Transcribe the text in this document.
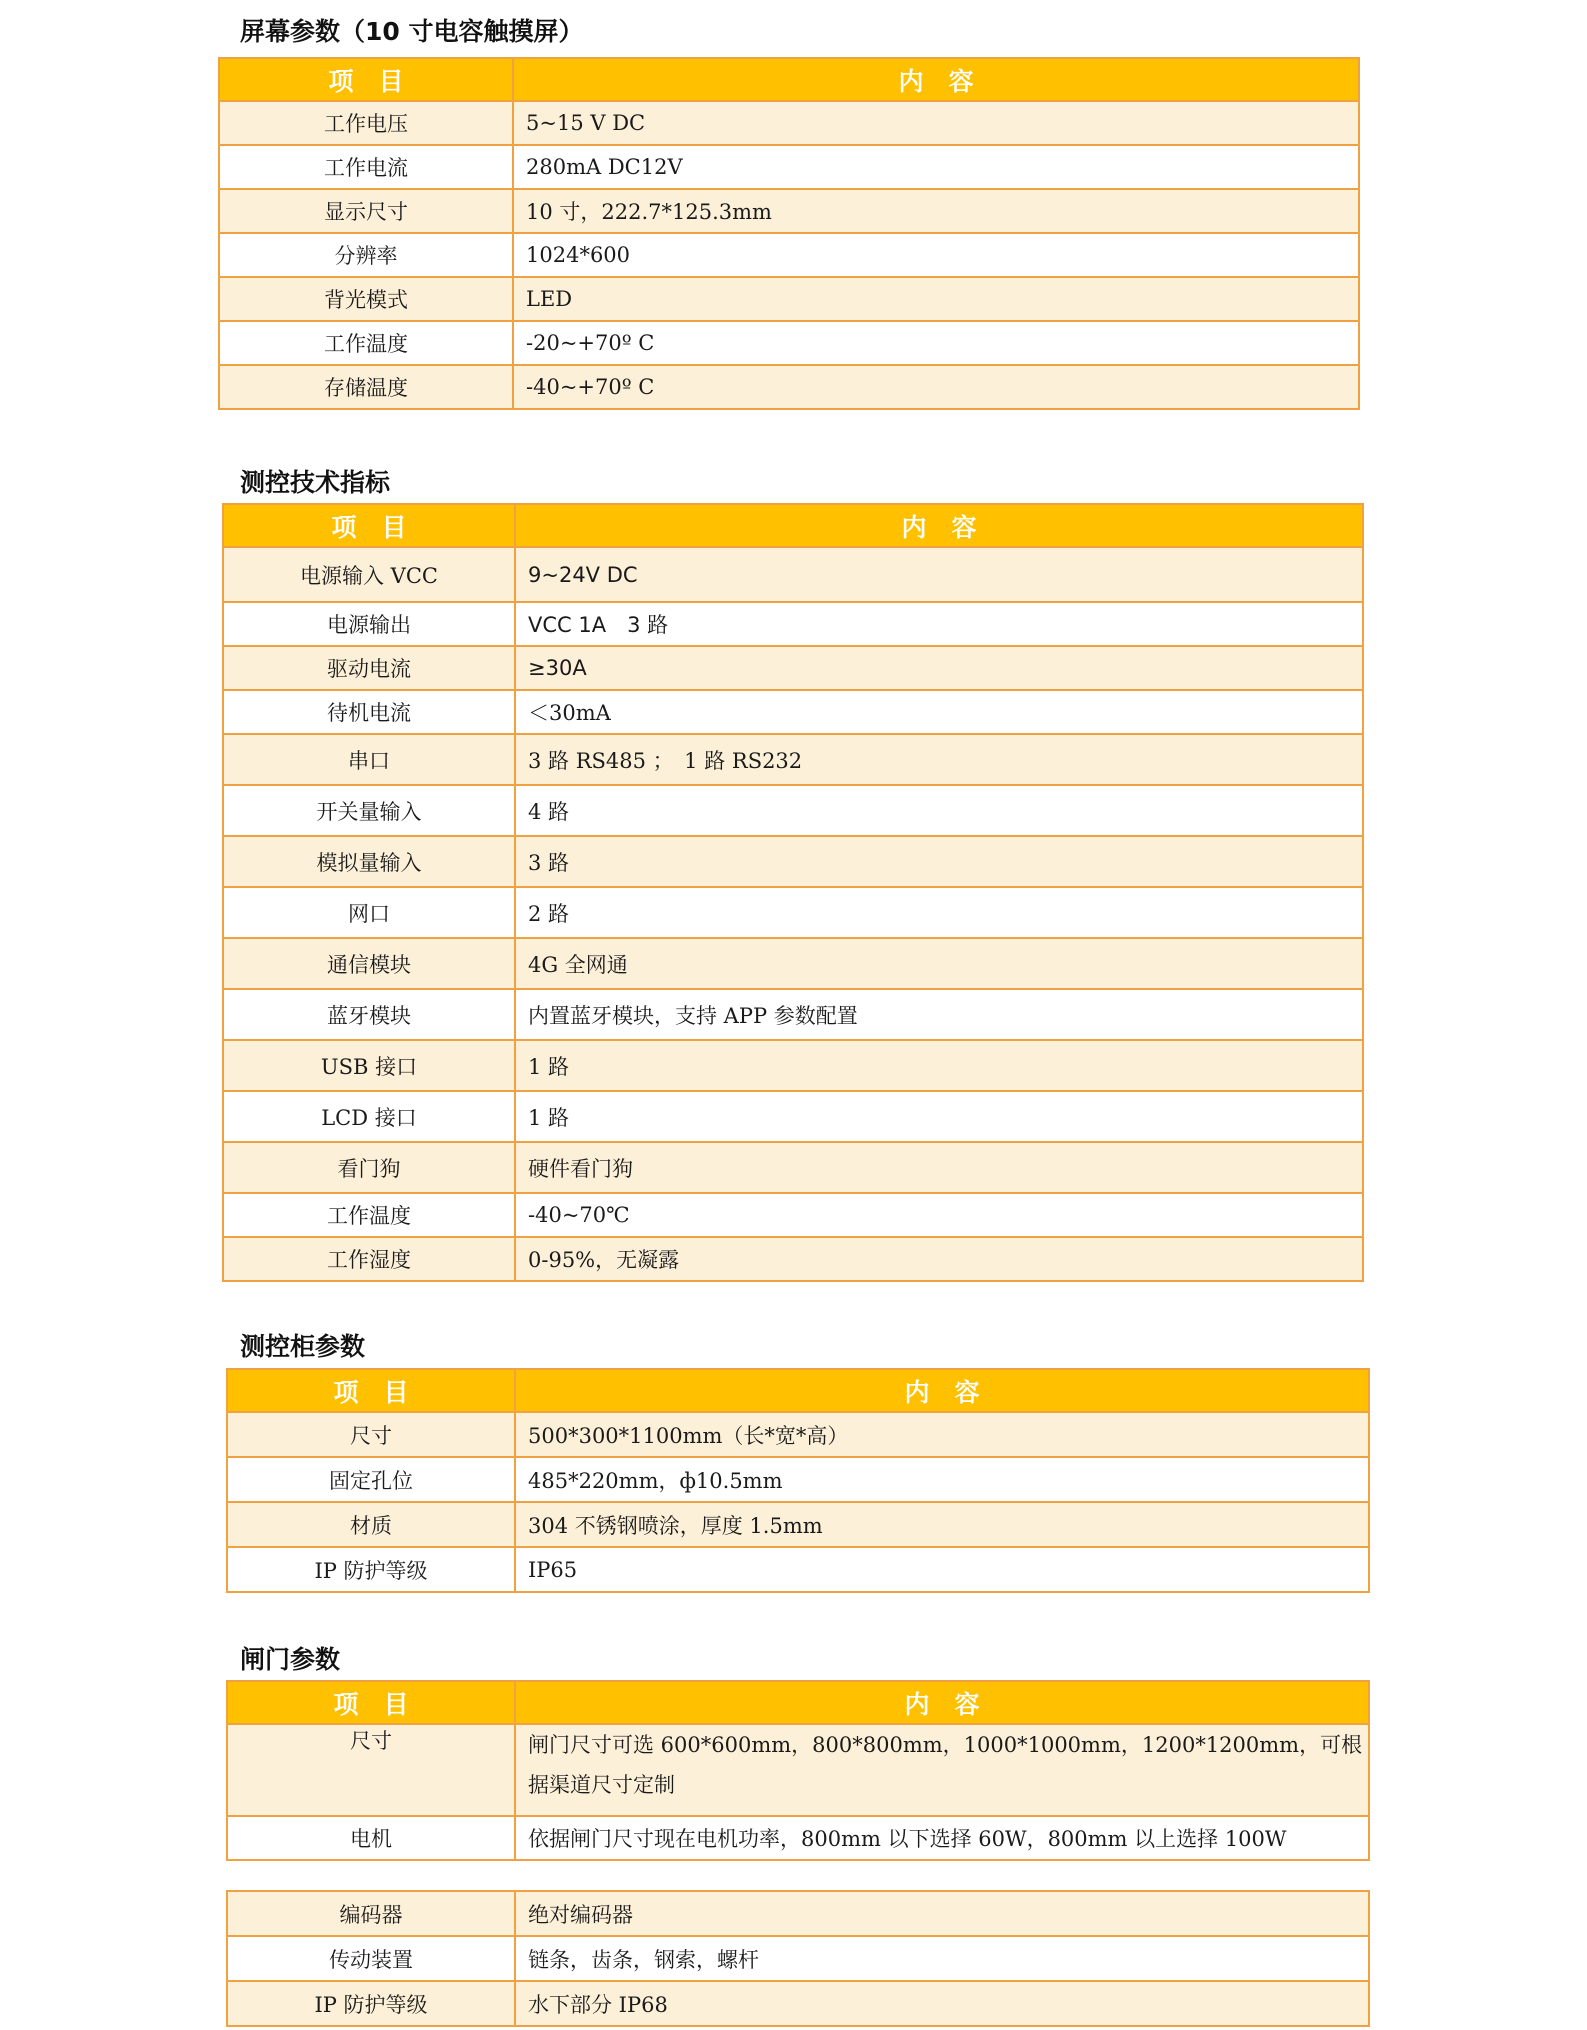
屏幕参数（10 寸电容触摸屏）
项　目	内　容
工作电压	5~15 V DC
工作电流	280mA DC12V
显示尺寸	10 寸，222.7*125.3mm
分辨率	1024*600
背光模式	LED
工作温度	-20~+70º C
存储温度	-40~+70º C
测控技术指标
项　目	内　容
电源输入 VCC	9~24V DC
电源输出	VCC 1A　3 路
驱动电流	≥30A
待机电流	＜30mA
串口	3 路 RS485 ；　1 路 RS232
开关量输入	4 路
模拟量输入	3 路
网口	2 路
通信模块	4G 全网通
蓝牙模块	内置蓝牙模块，支持 APP 参数配置
USB 接口	1 路
LCD 接口	1 路
看门狗	硬件看门狗
工作温度	-40~70℃
工作湿度	0-95%，无凝露
测控柜参数
项　目	内　容
尺寸	500*300*1100mm（长*宽*高）
固定孔位	485*220mm，ф10.5mm
材质	304 不锈钢喷涂，厚度 1.5mm
IP 防护等级	IP65
闸门参数
项　目	内　容
尺寸	闸门尺寸可选 600*600mm，800*800mm，1000*1000mm，1200*1200mm，可根据渠道尺寸定制
电机	依据闸门尺寸现在电机功率，800mm 以下选择 60W，800mm 以上选择 100W
编码器	绝对编码器
传动装置	链条，齿条，钢索，螺杆
IP 防护等级	水下部分 IP68
